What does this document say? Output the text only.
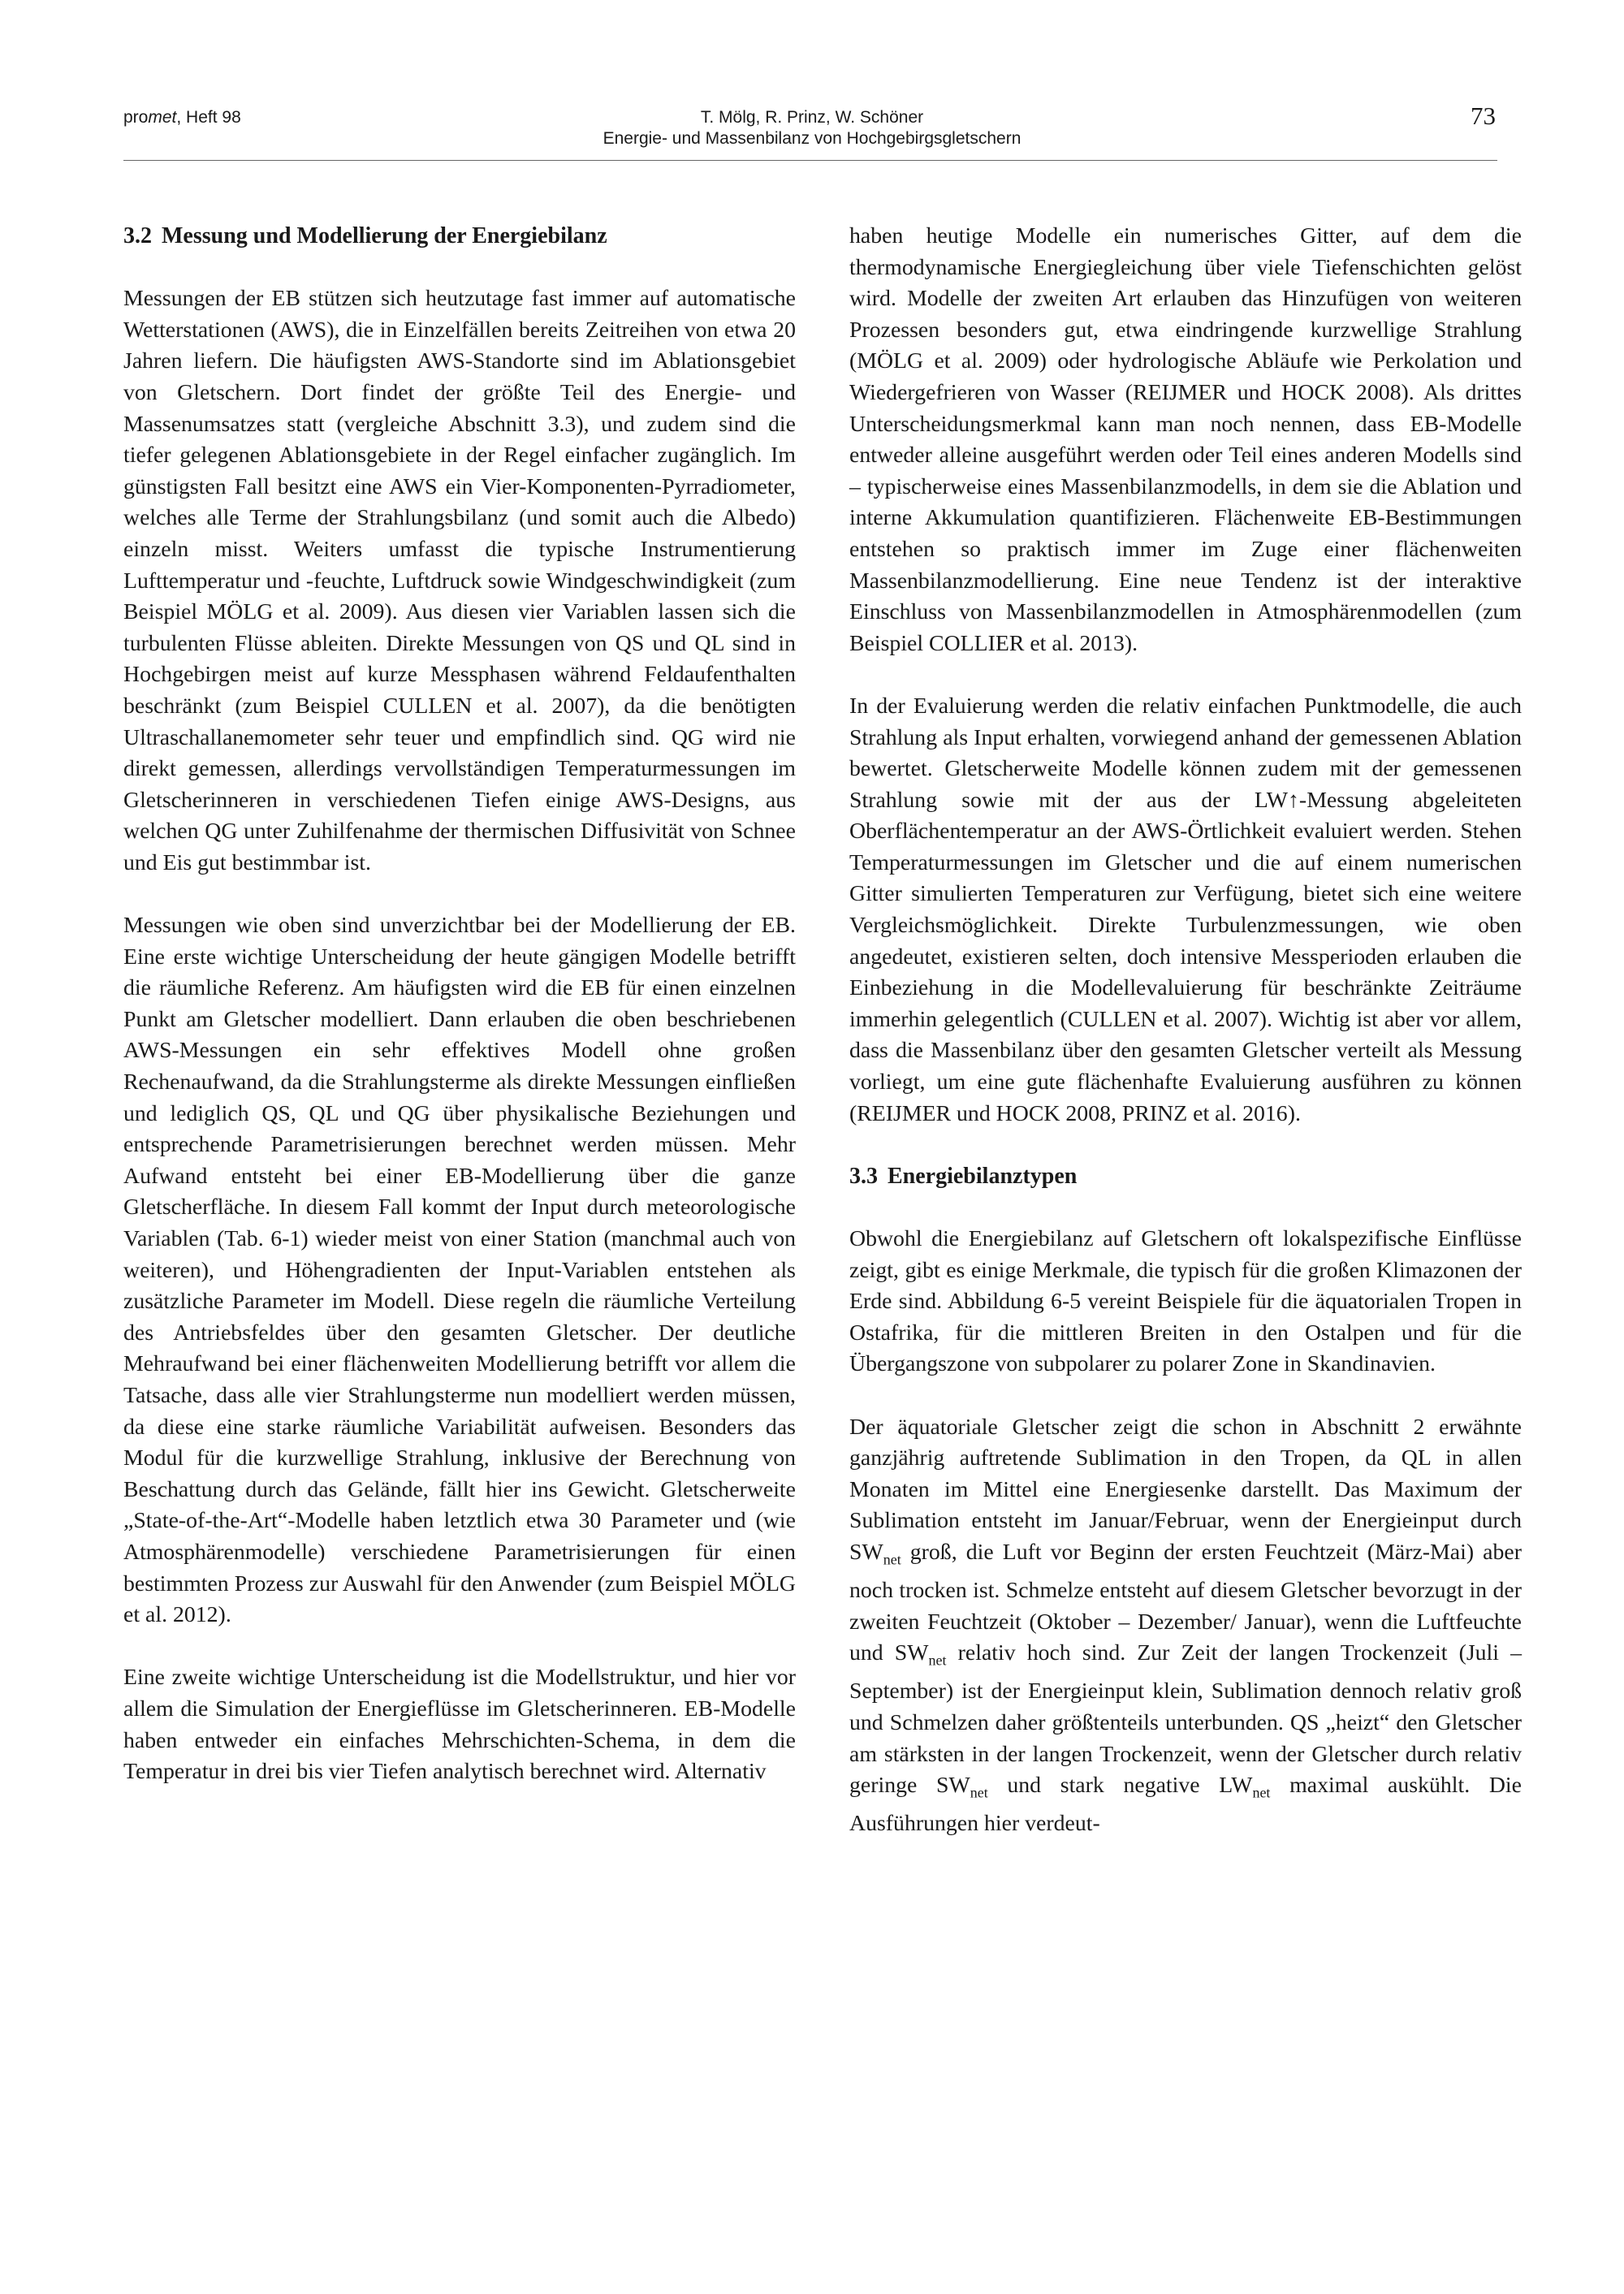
promet, Heft 98	T. Mölg, R. Prinz, W. Schöner
Energie- und Massenbilanz von Hochgebirgsgletschern
73
3.2 Messung und Modellierung der Energiebilanz

Messungen der EB stützen sich heutzutage fast immer auf automatische Wetterstationen (AWS), die in Einzelfällen bereits Zeitreihen von etwa 20 Jahren liefern. Die häufigsten AWS-Standorte sind im Ablationsgebiet von Gletschern. Dort findet der größte Teil des Energie- und Massenumsatzes statt (vergleiche Abschnitt 3.3), und zudem sind die tiefer gelegenen Ablationsgebiete in der Regel einfacher zugänglich. Im günstigsten Fall besitzt eine AWS ein Vier-Komponenten-Pyrradiometer, welches alle Terme der Strahlungsbilanz (und somit auch die Albedo) einzeln misst. Weiters umfasst die typische Instrumentierung Lufttemperatur und -feuchte, Luftdruck sowie Windgeschwindigkeit (zum Beispiel MÖLG et al. 2009). Aus diesen vier Variablen lassen sich die turbulenten Flüsse ableiten. Direkte Messungen von QS und QL sind in Hochgebirgen meist auf kurze Messphasen während Feldaufenthalten beschränkt (zum Beispiel CULLEN et al. 2007), da die benötigten Ultraschallanemometer sehr teuer und empfindlich sind. QG wird nie direkt gemessen, allerdings vervollständigen Temperaturmessungen im Gletscherinneren in verschiedenen Tiefen einige AWS-Designs, aus welchen QG unter Zuhilfenahme der thermischen Diffusivität von Schnee und Eis gut bestimmbar ist.

Messungen wie oben sind unverzichtbar bei der Modellierung der EB. Eine erste wichtige Unterscheidung der heute gängigen Modelle betrifft die räumliche Referenz. Am häufigsten wird die EB für einen einzelnen Punkt am Gletscher modelliert. Dann erlauben die oben beschriebenen AWS-Messungen ein sehr effektives Modell ohne großen Rechenaufwand, da die Strahlungsterme als direkte Messungen einfließen und lediglich QS, QL und QG über physikalische Beziehungen und entsprechende Parametrisierungen berechnet werden müssen. Mehr Aufwand entsteht bei einer EB-Modellierung über die ganze Gletscherfläche. In diesem Fall kommt der Input durch meteorologische Variablen (Tab. 6-1) wieder meist von einer Station (manchmal auch von weiteren), und Höhengradienten der Input-Variablen entstehen als zusätzliche Parameter im Modell. Diese regeln die räumliche Verteilung des Antriebsfeldes über den gesamten Gletscher. Der deutliche Mehraufwand bei einer flächenweiten Modellierung betrifft vor allem die Tatsache, dass alle vier Strahlungsterme nun modelliert werden müssen, da diese eine starke räumliche Variabilität aufweisen. Besonders das Modul für die kurzwellige Strahlung, inklusive der Berechnung von Beschattung durch das Gelände, fällt hier ins Gewicht. Gletscherweite „State-of-the-Art“-Modelle haben letztlich etwa 30 Parameter und (wie Atmosphärenmodelle) verschiedene Parametrisierungen für einen bestimmten Prozess zur Auswahl für den Anwender (zum Beispiel MÖLG et al. 2012).

Eine zweite wichtige Unterscheidung ist die Modellstruktur, und hier vor allem die Simulation der Energieflüsse im Gletscherinneren. EB-Modelle haben entweder ein einfaches Mehrschichten-Schema, in dem die Temperatur in drei bis vier Tiefen analytisch berechnet wird. Alternativ

haben heutige Modelle ein numerisches Gitter, auf dem die thermodynamische Energiegleichung über viele Tiefenschichten gelöst wird. Modelle der zweiten Art erlauben das Hinzufügen von weiteren Prozessen besonders gut, etwa eindringende kurzwellige Strahlung (MÖLG et al. 2009) oder hydrologische Abläufe wie Perkolation und Wiedergefrieren von Wasser (REIJMER und HOCK 2008). Als drittes Unterscheidungsmerkmal kann man noch nennen, dass EB-Modelle entweder alleine ausgeführt werden oder Teil eines anderen Modells sind – typischerweise eines Massenbilanzmodells, in dem sie die Ablation und interne Akkumulation quantifizieren. Flächenweite EB-Bestimmungen entstehen so praktisch immer im Zuge einer flächenweiten Massenbilanzmodellierung. Eine neue Tendenz ist der interaktive Einschluss von Massenbilanzmodellen in Atmosphärenmodellen (zum Beispiel COLLIER et al. 2013).

In der Evaluierung werden die relativ einfachen Punktmodelle, die auch Strahlung als Input erhalten, vorwiegend anhand der gemessenen Ablation bewertet. Gletscherweite Modelle können zudem mit der gemessenen Strahlung sowie mit der aus der LW↑-Messung abgeleiteten Oberflächentemperatur an der AWS-Örtlichkeit evaluiert werden. Stehen Temperaturmessungen im Gletscher und die auf einem numerischen Gitter simulierten Temperaturen zur Verfügung, bietet sich eine weitere Vergleichsmöglichkeit. Direkte Turbulenzmessungen, wie oben angedeutet, existieren selten, doch intensive Messperioden erlauben die Einbeziehung in die Modellevaluierung für beschränkte Zeiträume immerhin gelegentlich (CULLEN et al. 2007). Wichtig ist aber vor allem, dass die Massenbilanz über den gesamten Gletscher verteilt als Messung vorliegt, um eine gute flächenhafte Evaluierung ausführen zu können (REIJMER und HOCK 2008, PRINZ et al. 2016).

3.3 Energiebilanztypen

Obwohl die Energiebilanz auf Gletschern oft lokalspezifische Einflüsse zeigt, gibt es einige Merkmale, die typisch für die großen Klimazonen der Erde sind. Abbildung 6-5 vereint Beispiele für die äquatorialen Tropen in Ostafrika, für die mittleren Breiten in den Ostalpen und für die Übergangszone von subpolarer zu polarer Zone in Skandinavien.

Der äquatoriale Gletscher zeigt die schon in Abschnitt 2 erwähnte ganzjährig auftretende Sublimation in den Tropen, da QL in allen Monaten im Mittel eine Energiesenke darstellt. Das Maximum der Sublimation entsteht im Januar/Februar, wenn der Energieinput durch $SW_{net}$ groß, die Luft vor Beginn der ersten Feuchtzeit (März-Mai) aber noch trocken ist. Schmelze entsteht auf diesem Gletscher bevorzugt in der zweiten Feuchtzeit (Oktober – Dezember/ Januar), wenn die Luftfeuchte und $SW_{net}$ relativ hoch sind. Zur Zeit der langen Trockenzeit (Juli – September) ist der Energieinput klein, Sublimation dennoch relativ groß und Schmelzen daher größtenteils unterbunden. QS „heizt“ den Gletscher am stärksten in der langen Trockenzeit, wenn der Gletscher durch relativ geringe $SW_{net}$ und stark negative $LW_{net}$ maximal auskühlt. Die Ausführungen hier verdeut-
